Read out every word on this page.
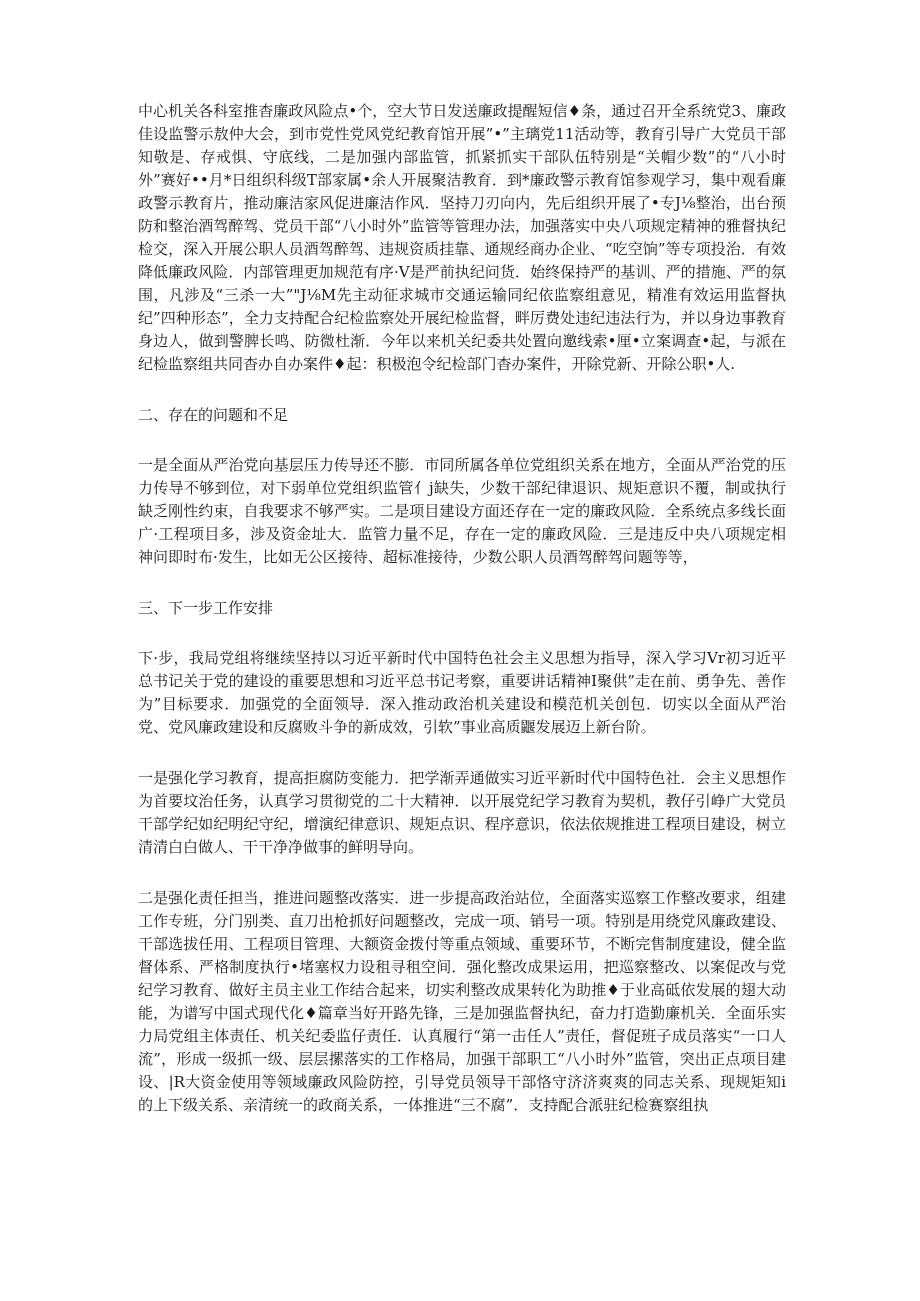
中心机关各科室推杳廉政风险点•个，空大节日发送廉政提醒短信♦条，通过召开全系统党3、廉政佳设监警示敖仲大会，到市党性党风党纪教育馆开展”•”主璃党11活动等，教育引导广大党员干部知敬是、存戒惧、守底线，二是加强内部监管，抓紧抓实干部队伍特别是“关帽少数”的“八小时外”赛好••月*日组织科级T部家属•余人开展聚洁教育．到*廉政警示教育馆参观学习，集中观看廉政警示教育片，推动廉洁家风促进廉洁作风．坚持刀刃向内，先后组织开展了•专J⅛整治，出台预防和整治酒驾醉驾、党员干部“八小时外”监管等管理办法，加强落实中央八项规定精神的雅督执纪检交，深入开展公职人员酒驾醉驾、违规资质挂靠、通规经商办企业、“吃空饷”等专项投治．有效降低廉政风险．内部管理更加规范有序·V是严前执纪问货．始终保持严的基训、严的措施、严的氛围，凡涉及“三杀一大”"J⅛M先主动征求城市交通运输同纪依监察组意见，精准有效运用监督执纪”四种形态”，全力支持配合纪检监察处开展纪检监督，畔厉费处违纪违法行为，并以身边事教育身边人，做到警脾长鸣、防微杜渐．今年以来机关纪委共处置向邀线索•厘•立案调查•起，与派在纪检监察组共同杳办自办案件♦起：积极泡令纪检部门杳办案件，开除党新、开除公职•人.

二、存在的问题和不足

一是全面从严治党向基层压力传导还不膨．市同所属各单位党组织关系在地方，全面从严治党的压力传导不够到位，对下弱单位党组织监管亻j缺失，少数干部纪律退识、规矩意识不覆，制或执行缺乏刚性约束，自我要求不够严实。二是项目建设方面还存在一定的廉政风险．全系统点多线长面广·工程项目多，涉及资金址大．监管力量不足，存在一定的廉政风险．三是违反中央八项规定相神问即时布·发生，比如无公区接待、超标准接待，少数公职人员酒驾醉驾问题等等，

三、下一步工作安排

下·步，我局党组将继续坚持以习近平新时代中国特色社会主义思想为指导，深入学习Vr初习近平总书记关于党的建设的重要思想和习近平总书记考察，重要讲话精神I聚供”走在前、勇争先、善作为”目标要求．加强党的全面领导．深入推动政治机关建设和模范机关创包．切实以全面从严治党、党风廉政建设和反腐败斗争的新成效，引软”事业高质鼴发展迈上新台阶。

一是强化学习教育，提高拒腐防变能力．把学渐弄通做实习近平新时代中国特色社．会主义思想作为首要坟治任务，认真学习贯彻党的二十大精神．以开展党纪学习教育为契机，教仔引峥广大党员干部学纪如纪明纪守纪，增演纪律意识、规矩点识、程序意识，依法依规推进工程项目建设，树立清清白白做人、干干净净做事的鲜明导向。

二是强化责任担当，推进问题整改落实．进一步提高政治站位，全面落实巡察工作整改要求，组建工作专班，分门别类、直刀出枪抓好问题整改，完成一项、销号一项。特别是用绕党风廉政建设、干部选拔任用、工程项目管理、大额资金拨付等重点领域、重要环节，不断完售制度建设，健全监督体系、严格制度执行•堵塞权力设租寻租空间．强化整改成果运用，把巡察整改、以案促改与党纪学习教育、做好主员主业工作结合起来，切实利整改成果转化为助推♦于业高砥依发展的翅大动能，为谱写中国式现代化♦篇章当好开路先锋，三是加强监督执纪，奋力打造勤廉机关．全面乐实力局党组主体责任、机关纪委监仔责任．认真履行“第一击任人”责任，督促班子成员落实“一口人流”，形成一级抓一级、层层摞落实的工作格局，加强干部职工“八小时外”监管，突出正点项目建设、|R大资金使用等领域廉政风险防控，引导党员领导干部恪守济济爽爽的同志关系、现规矩知i的上下级关系、亲清统一的政商关系，一体推进“三不腐”．支持配合派驻纪检赛察组执
